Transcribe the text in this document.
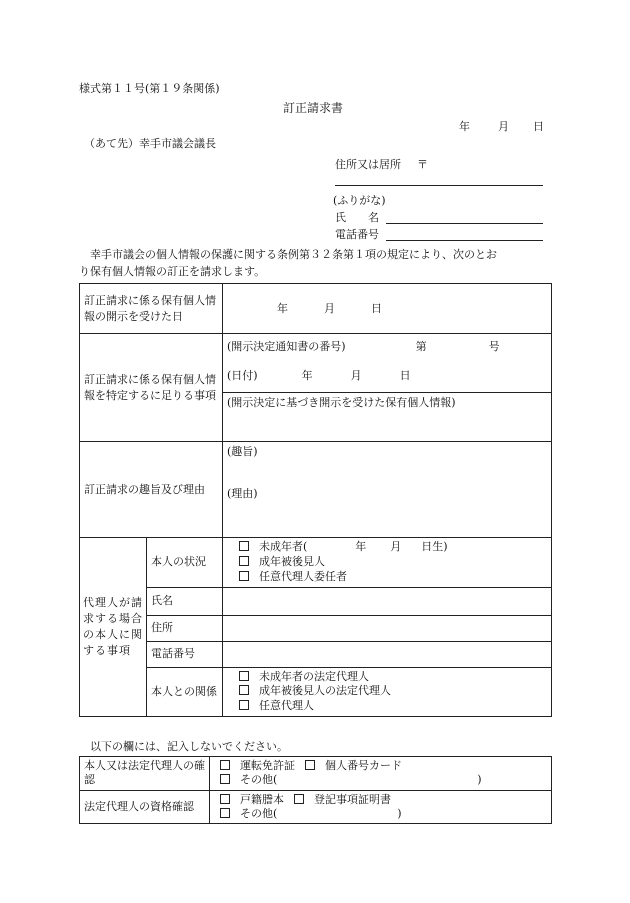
様式第１１号(第１９条関係)
訂正請求書
年	月 日
（あて先）幸手市議会議長
住所又は居所 〒
(ふりがな)
氏　　名
電話番号
幸手市議会の個人情報の保護に関する条例第３２条第１項の規定により、次のとお
り保有個人情報の訂正を請求します。
訂正請求に係る保有個人情報の開示を受けた日		年 月 日
訂正請求に係る保有個人情報を特定するに足りる事項		(開示決定通知書の番号) 第 号
		(日付) 年 月 日
		(開示決定に基づき開示を受けた保有個人情報)
訂正請求の趣旨及び理由		(趣旨)
(理由)

代理人が請求する場合の本人に関する事項	本人の状況	未成年者( 年 月 日生)
成年被後見人
任意代理人委任者

	氏名	
	住所	
	電話番号	
	本人との関係	未成年者の法定代理人
成年被後見人の法定代理人
任意代理人
以下の欄には、記入しないでください。
本人又は法定代理人の確認	運転免許証 個人番号カード
その他( )

法定代理人の資格確認	戸籍謄本 登記事項証明書
その他( )
